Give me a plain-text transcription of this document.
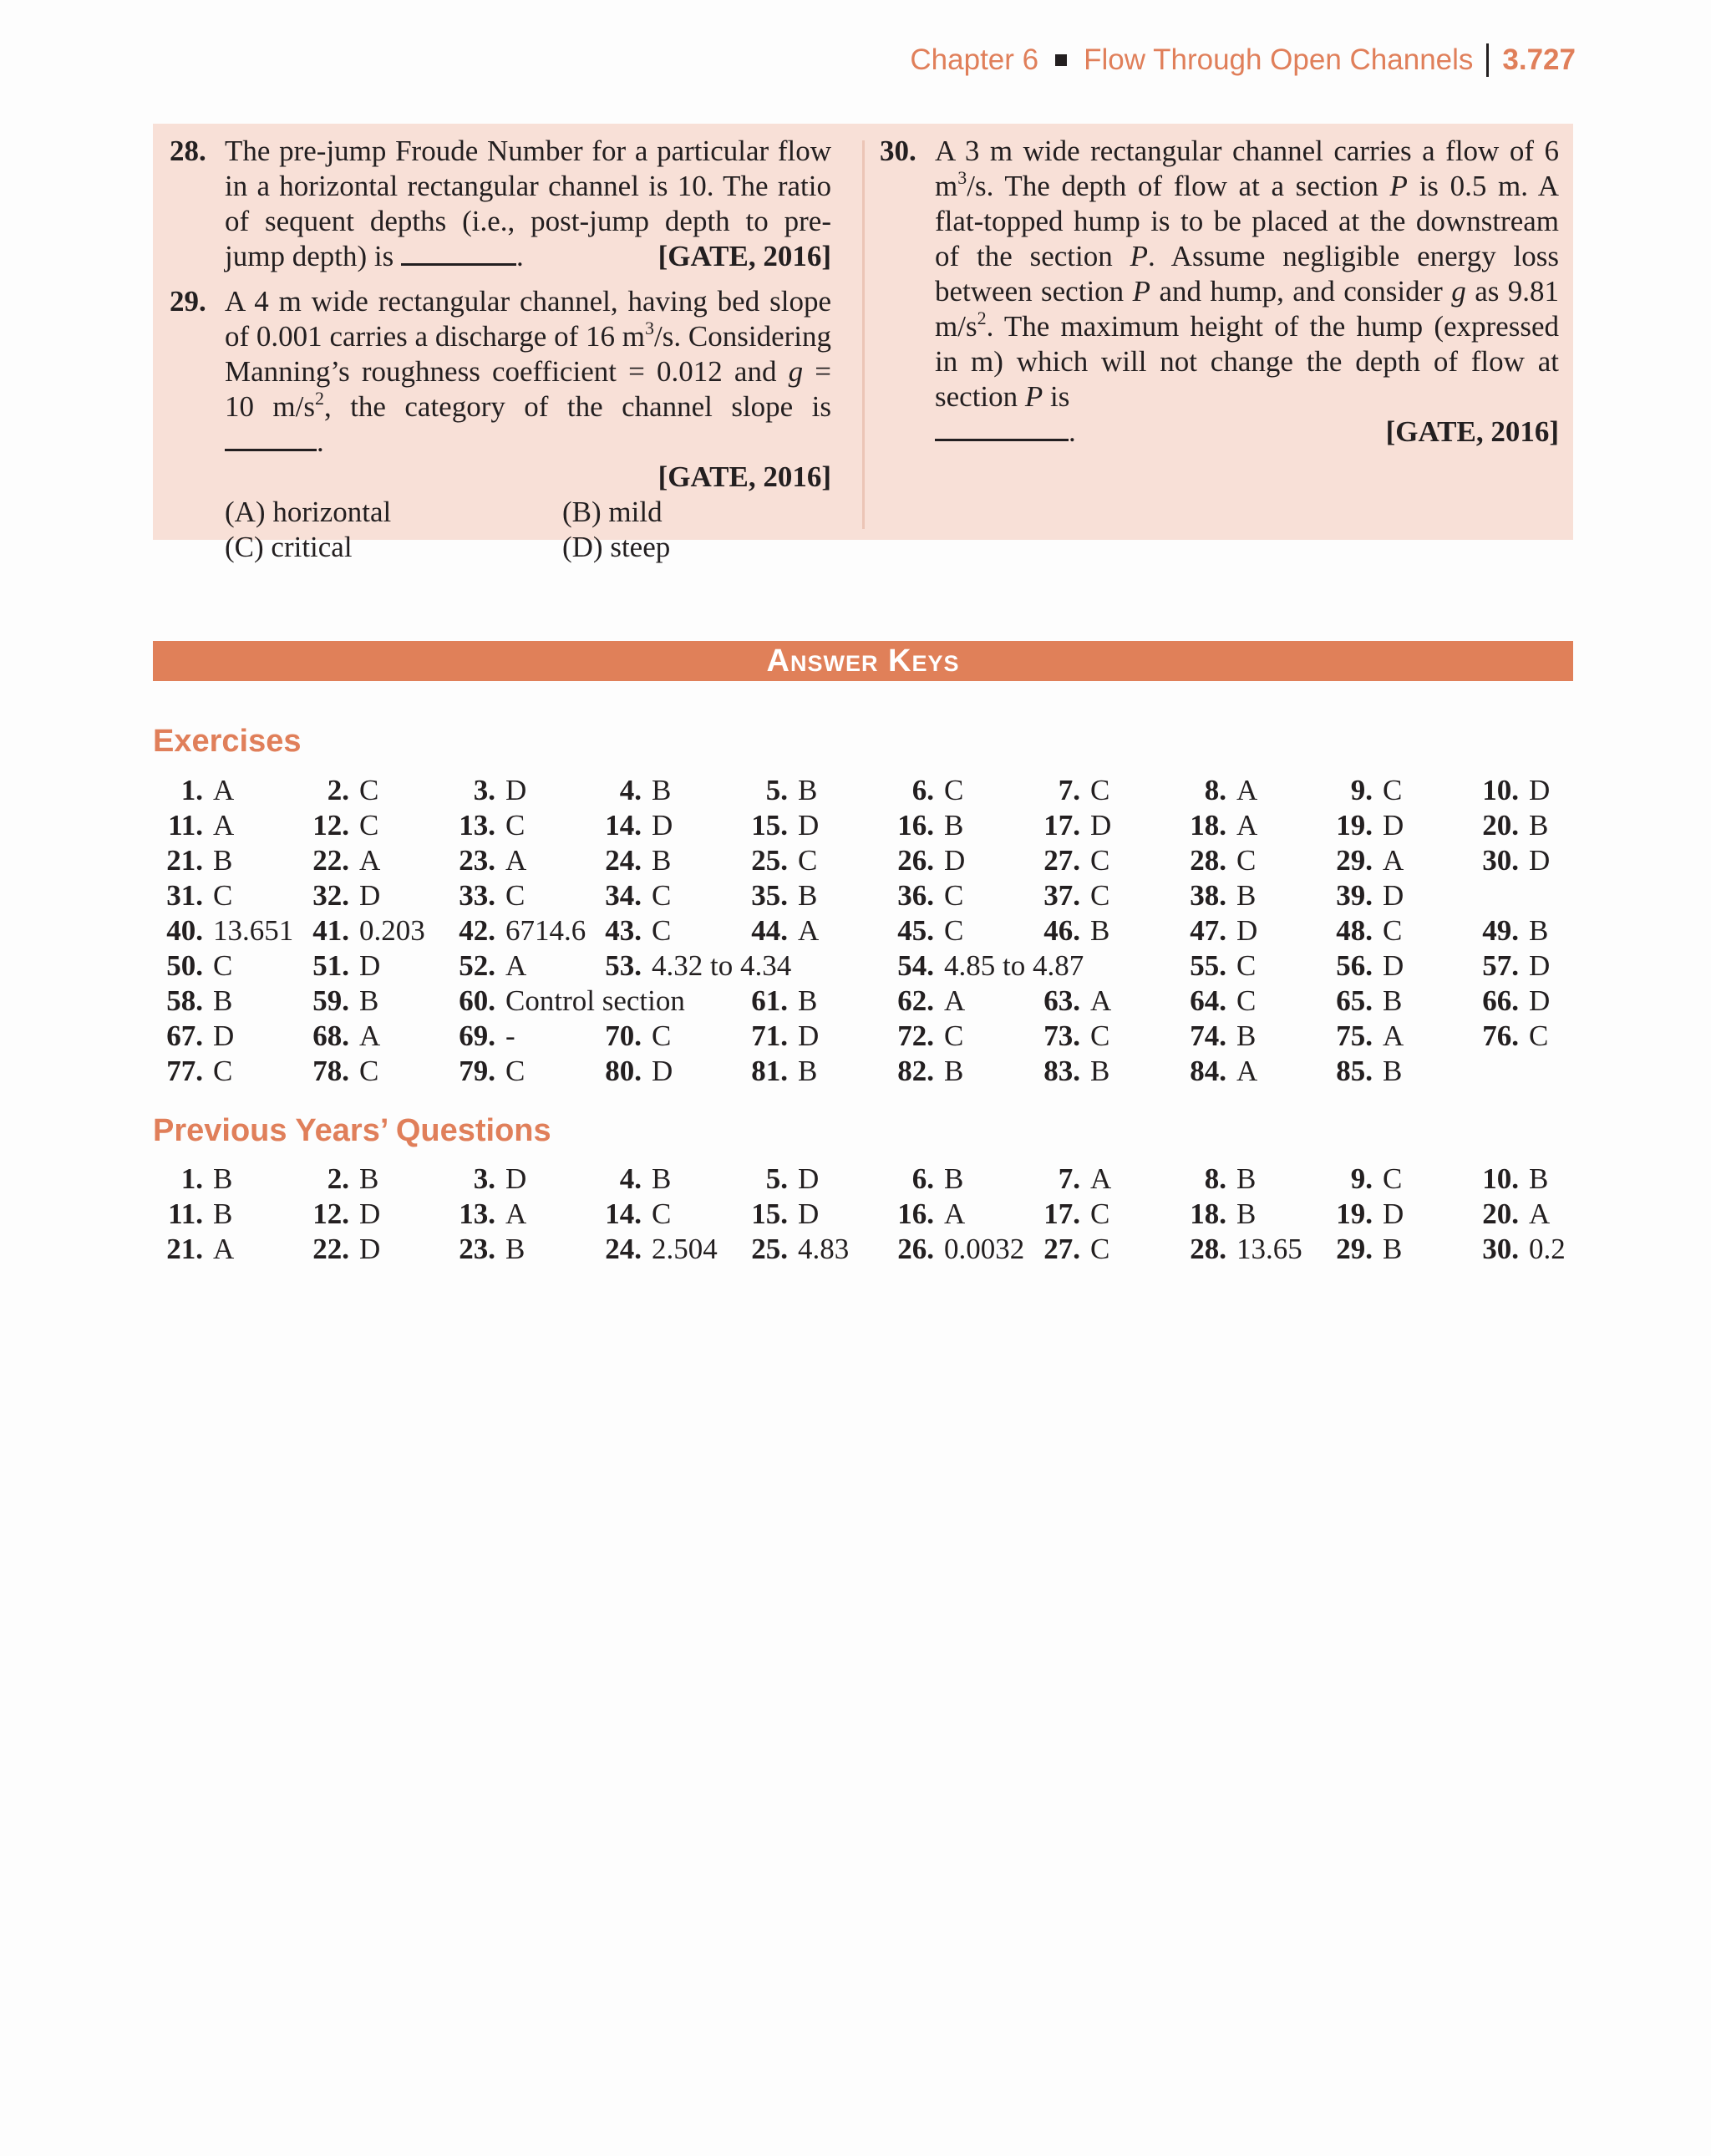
Chapter 6 Flow Through Open Channels 3.727
28. The pre-jump Froude Number for a particular flow in a horizontal rectangular channel is 10. The ratio of sequent depths (i.e., post-jump depth to pre-jump depth) is	.	[GATE, 2016]
29. A 4 m wide rectangular channel, having bed slope of 0.001 carries a discharge of 16 $m^3/s$. Considering Manning’s roughness coefficient = 0.012 and g = 10 $m/s^2$, the category of the channel slope is .
[GATE, 2016]
(A) horizontal	(B) mild
(C) critical	(D) steep
30. A 3 m wide rectangular channel carries a flow of 6 $m^3/s$. The depth of flow at a section P is 0.5 m. A flat-topped hump is to be placed at the downstream of the section P. Assume negligible energy loss between section P and hump, and consider g as 9.81 $m/s^2$. The maximum height of the hump (expressed in m) which will not change the depth of flow at section P is
.	[GATE, 2016]
Answer Keys
Exercises
1. A	2. C	3. D	4. B	5. B	6. C	7. C	8. A	9. C	10. D
11. A	12. C	13. C	14. D	15. D	16. B	17. D	18. A	19. D	20. B
21. B	22. A	23. A	24. B	25. C	26. D	27. C	28. C	29. A	30. D
31. C	32. D	33. C	34. C	35. B	36. C	37. C	38. B	39. D
40. 13.651 41. 0.203	42. 6714.6 43. C	44. A	45. C	46. B	47. D	48. C	49. B
50. C	51. D	52. A	53. 4.32 to 4.34	54. 4.85 to 4.87	55. C	56. D	57. D
58. B	59. B	60. Control section	61. B	62. A	63. A	64. C	65. B	66. D
67. D	68. A	69. -	70. C	71. D	72. C	73. C	74. B	75. A	76. C
77. C	78. C	79. C	80. D	81. B	82. B	83. B	84. A	85. B
Previous Years’ Questions
1. B	2. B	3. D	4. B	5. D	6. B	7. A	8. B	9. C	10. B
11. B	12. D	13. A	14. C	15. D	16. A	17. C	18. B	19. D	20. A
21. A	22. D	23. B	24. 2.504	25. 4.83	26. 0.0032 27. C	28. 13.65	29. B	30. 0.2
